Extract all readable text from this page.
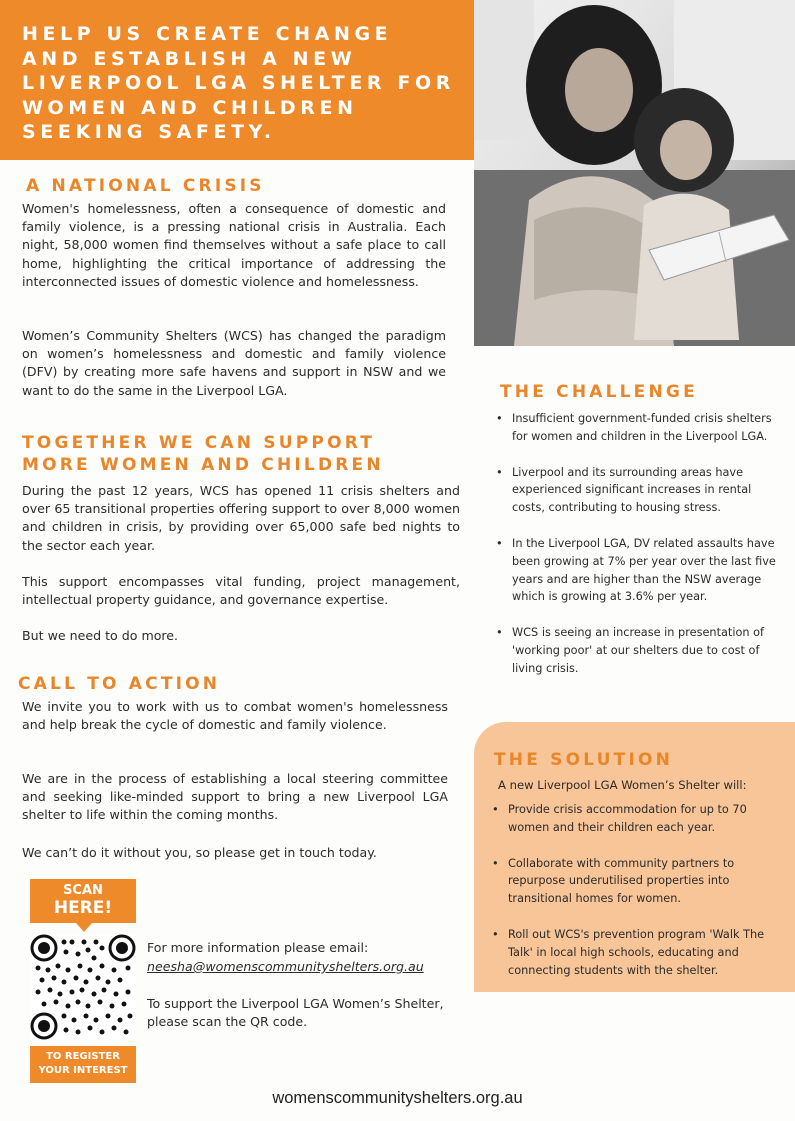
HELP US CREATE CHANGE AND ESTABLISH A NEW LIVERPOOL LGA SHELTER FOR WOMEN AND CHILDREN SEEKING SAFETY.
A NATIONAL CRISIS

Women's homelessness, often a consequence of domestic and family violence, is a pressing national crisis in Australia. Each night, 58,000 women find themselves without a safe place to call home, highlighting the critical importance of addressing the interconnected issues of domestic violence and homelessness.

Women’s Community Shelters (WCS) has changed the paradigm on women’s homelessness and domestic and family violence (DFV) by creating more safe havens and support in NSW and we want to do the same in the Liverpool LGA.

TOGETHER WE CAN SUPPORT
MORE WOMEN AND CHILDREN

During the past 12 years, WCS has opened 11 crisis shelters and over 65 transitional properties offering support to over 8,000 women and children in crisis, by providing over 65,000 safe bed nights to the sector each year.

This support encompasses vital funding, project management, intellectual property guidance, and governance expertise.

But we need to do more.

CALL TO ACTION

We invite you to work with us to combat women's homelessness and help break the cycle of domestic and family violence.

We are in the process of establishing a local steering committee and seeking like-minded support to bring a new Liverpool LGA shelter to life within the coming months.

We can’t do it without you, so please get in touch today.

THE CHALLENGE
• Insufficient government-funded crisis shelters for women and children in the Liverpool LGA.
• Liverpool and its surrounding areas have experienced significant increases in rental costs, contributing to housing stress.
• In the Liverpool LGA, DV related assaults have been growing at 7% per year over the last five years and are higher than the NSW average which is growing at 3.6% per year.
• WCS is seeing an increase in presentation of 'working poor' at our shelters due to cost of living crisis.
THE SOLUTION

A new Liverpool LGA Women’s Shelter will:

• Provide crisis accommodation for up to 70 women and their children each year.
• Collaborate with community partners to repurpose underutilised properties into transitional homes for women.
• Roll out WCS's prevention program 'Walk The Talk' in local high schools, educating and connecting students with the shelter.
SCAN
HERE!
TO REGISTER
YOUR INTEREST

For more information please email:

neesha@womenscommunityshelters.org.au

To support the Liverpool LGA Women’s Shelter,

please scan the QR code.

womenscommunityshelters.org.au
